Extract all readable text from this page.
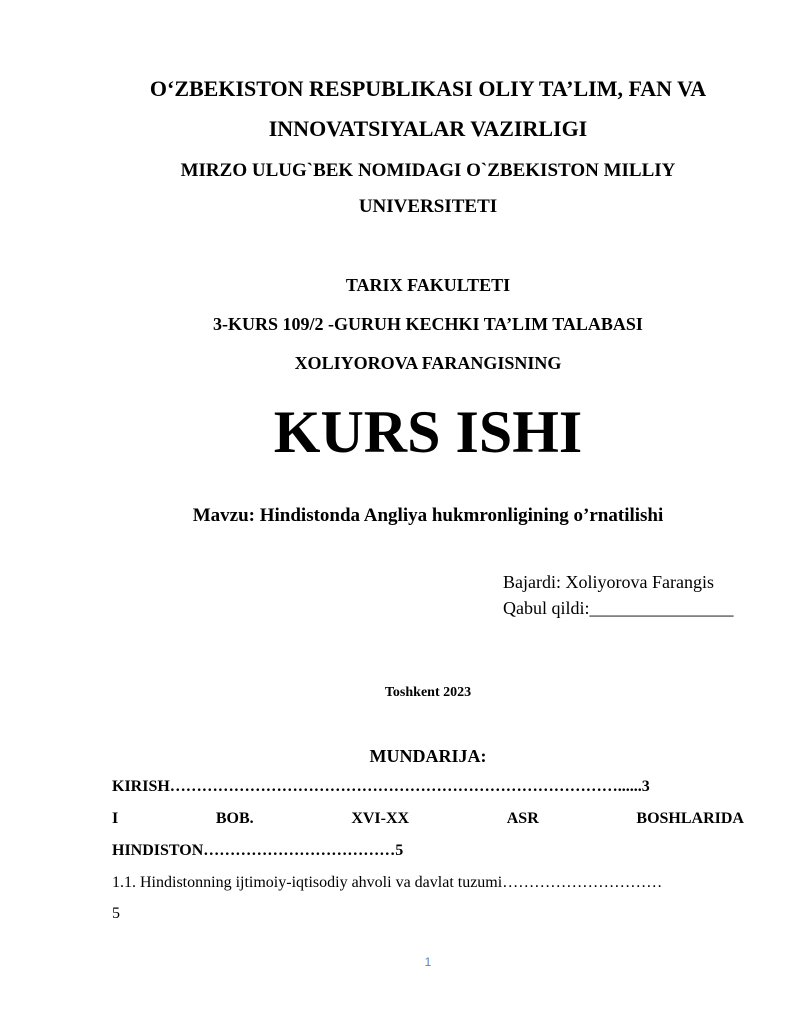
O‘ZBEKISTON RESPUBLIKASI OLIY TA’LIM, FAN VA
INNOVATSIYALAR VAZIRLIGI
MIRZO ULUG`BEK NOMIDAGI O`ZBEKISTON MILLIY
UNIVERSITETI
TARIX FAKULTETI
3-KURS 109/2 -GURUH KECHKI TA’LIM TALABASI
XOLIYOROVA FARANGISNING
KURS ISHI
Mavzu: Hindistonda Angliya hukmronligining o’rnatilishi
Bajardi: Xoliyorova Farangis
Qabul qildi:________________
Toshkent 2023
MUNDARIJA:
KIRISH…………………………………………………………………………......3
I	BOB.	XVI-XX	ASR	BOSHLARIDA
HINDISTON………………………………5
1.1. Hindistonning ijtimoiy-iqtisodiy ahvoli va davlat tuzumi…………………………
5
1
